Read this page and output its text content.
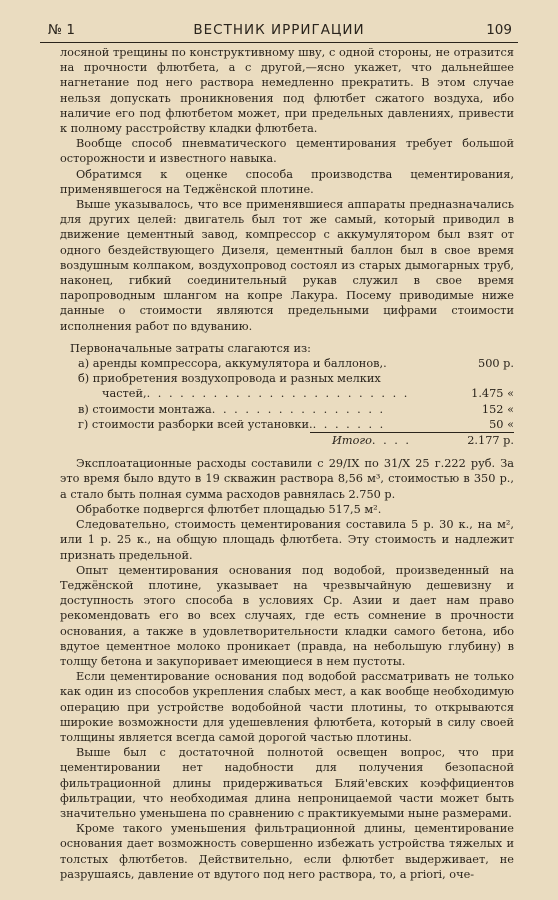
№ 1	ВЕСТНИК ИРРИГАЦИИ	109

лосяной трещины по конструктивному шву, с одной стороны, не отразится на прочности флютбета, а с другой,—ясно укажет, что дальнейшее нагнетание под него раствора немедленно прекратить. В этом случае нельзя допускать проникновения под флютбет сжатого воздуха, ибо наличие его под флютбетом может, при предельных давлениях, привести к полному расстройству кладки флютбета.

Вообще способ пневматического цементирования требует большой осторожности и известного навыка.

Обратимся к оценке способа производства цементирования, применявшегося на Теджёнской плотине.

Выше указывалось, что все применявшиеся аппараты предназначались для других целей: двигатель был тот же самый, который приводил в движение цементный завод, компрессор с аккумулятором был взят от одного бездействующего Дизеля, цементный баллон был в свое время воздушным колпаком, воздухопровод состоял из старых дымогарных труб, наконец, гибкий соединительный рукав служил в свое время паропроводным шлангом на копре Лакура. Посему приводимые ниже данные о стоимости являются предельными цифрами стоимости исполнения работ по вдуванию.

Первоначальные затраты слагаются из:
а) аренды компрессора, аккумулятора и баллонов, .	500 р.
б) приобретения воздухопровода и разных мелких
частей, . . . . . . . . . . . . . . . . . . . . . . . .	1.475 «
в) стоимости монтажа . . . . . . . . . . . . . . . .	152 «
г) стоимости разборки всей установки. . . . . . . .	50 «
Итого . . . .	2.177 р.

Эксплоатационные расходы составили с 29/IX по 31/X 25 г.222 руб. За это время было вдуто в 19 скважин раствора 8,56 м³, стоимостью в 350 р., а стало быть полная сумма расходов равнялась 2.750 р.

Обработке подвергся флютбет площадью 517,5 м².

Следовательно, стоимость цементирования составила 5 р. 30 к., на м², или 1 р. 25 к., на общую площадь флютбета. Эту стоимость и надлежит признать предельной.

Опыт цементирования основания под водобой, произведенный на Теджёнской плотине, указывает на чрезвычайную дешевизну и доступность этого способа в условиях Ср. Азии и дает нам право рекомендовать его во всех случаях, где есть сомнение в прочности основания, а также в удовлетворительности кладки самого бетона, ибо вдутое цементное молоко проникает (правда, на небольшую глубину) в толщу бетона и закупоривает имеющиеся в нем пустоты.

Если цементирование основания под водобой рассматривать не только как один из способов укрепления слабых мест, а как вообще необходимую операцию при устройстве водобойной части плотины, то открываются широкие возможности для удешевления флютбета, который в силу своей толщины является всегда самой дорогой частью плотины.

Выше был с достаточной полнотой освещен вопрос, что при цементировании нет надобности для получения безопасной фильтрационной длины придерживаться Бляй'евских коэффициентов фильтрации, что необходимая длина непроницаемой части может быть значительно уменьшена по сравнению с практикуемыми ныне размерами.

Кроме такого уменьшения фильтрационной длины, цементирование основания дает возможность совершенно избежать устройства тяжелых и толстых флютбетов. Действительно, если флютбет выдерживает, не разрушаясь, давление от вдутого под него раствора, то, a priori, оче-
